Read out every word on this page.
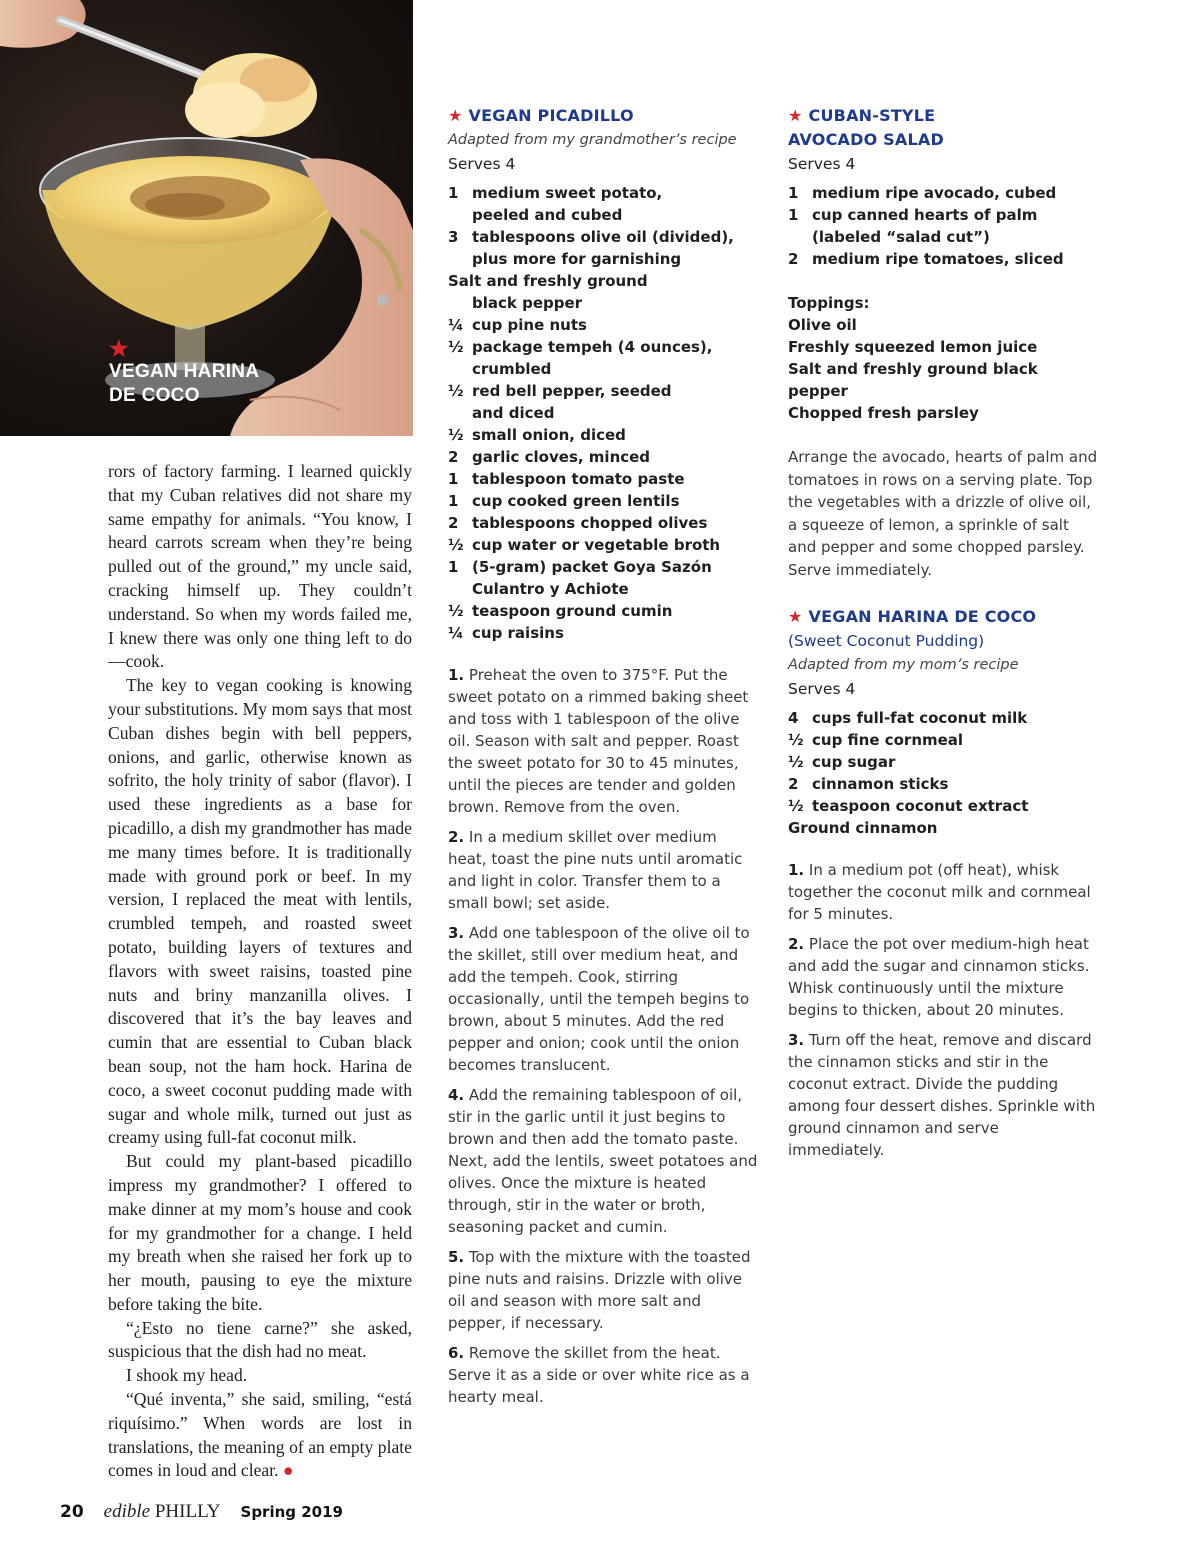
★
VEGAN HARINA
DE COCO

rors of factory farming. I learned quickly that my Cuban relatives did not share my same empathy for animals. “You know, I heard carrots scream when they’re being pulled out of the ground,” my uncle said, cracking himself up. They couldn’t understand. So when my words failed me, I knew there was only one thing left to do—cook.

The key to vegan cooking is knowing your substitutions. My mom says that most Cuban dishes begin with bell peppers, onions, and garlic, otherwise known as sofrito, the holy trinity of sabor (flavor). I used these ingredients as a base for picadillo, a dish my grandmother has made me many times before. It is traditionally made with ground pork or beef. In my version, I replaced the meat with lentils, crumbled tempeh, and roasted sweet potato, building layers of textures and flavors with sweet raisins, toasted pine nuts and briny manzanilla olives. I discovered that it’s the bay leaves and cumin that are essential to Cuban black bean soup, not the ham hock. Harina de coco, a sweet coconut pudding made with sugar and whole milk, turned out just as creamy using full-fat coconut milk.

But could my plant-based picadillo impress my grandmother? I offered to make dinner at my mom’s house and cook for my grandmother for a change. I held my breath when she raised her fork up to her mouth, pausing to eye the mixture before taking the bite.

“¿Esto no tiene carne?” she asked, suspicious that the dish had no meat.

I shook my head.

“Qué inventa,” she said, smiling, “está riquísimo.” When words are lost in translations, the meaning of an empty plate comes in loud and clear. ●

★ VEGAN PICADILLO
Adapted from my grandmother’s recipe
Serves 4
1 medium sweet potato,
peeled and cubed
3 tablespoons olive oil (divided),
plus more for garnishing
Salt and freshly ground
black pepper
¼ cup pine nuts
½ package tempeh (4 ounces),
crumbled
½ red bell pepper, seeded
and diced
½ small onion, diced
2 garlic cloves, minced
1 tablespoon tomato paste
1 cup cooked green lentils
2 tablespoons chopped olives
½ cup water or vegetable broth
1 (5-gram) packet Goya Sazón
Culantro y Achiote
½ teaspoon ground cumin
¼ cup raisins

1. Preheat the oven to 375°F. Put the sweet potato on a rimmed baking sheet and toss with 1 tablespoon of the olive oil. Season with salt and pepper. Roast the sweet potato for 30 to 45 minutes, until the pieces are tender and golden brown. Remove from the oven.

2. In a medium skillet over medium heat, toast the pine nuts until aromatic and light in color. Transfer them to a small bowl; set aside.

3. Add one tablespoon of the olive oil to the skillet, still over medium heat, and add the tempeh. Cook, stirring occasionally, until the tempeh begins to brown, about 5 minutes. Add the red pepper and onion; cook until the onion becomes translucent.

4. Add the remaining tablespoon of oil, stir in the garlic until it just begins to brown and then add the tomato paste. Next, add the lentils, sweet potatoes and olives. Once the mixture is heated through, stir in the water or broth, seasoning packet and cumin.

5. Top with the mixture with the toasted pine nuts and raisins. Drizzle with olive oil and season with more salt and pepper, if necessary.

6. Remove the skillet from the heat. Serve it as a side or over white rice as a hearty meal.

★ CUBAN-STYLE
AVOCADO SALAD
Serves 4
1 medium ripe avocado, cubed
1 cup canned hearts of palm
(labeled “salad cut”)
2 medium ripe tomatoes, sliced
Toppings:
Olive oil
Freshly squeezed lemon juice
Salt and freshly ground black pepper
Chopped fresh parsley

Arrange the avocado, hearts of palm and tomatoes in rows on a serving plate. Top the vegetables with a drizzle of olive oil, a squeeze of lemon, a sprinkle of salt and pepper and some chopped parsley. Serve immediately.

★ VEGAN HARINA DE COCO
(Sweet Coconut Pudding)
Adapted from my mom’s recipe
Serves 4
4 cups full-fat coconut milk
½ cup fine cornmeal
½ cup sugar
2 cinnamon sticks
½ teaspoon coconut extract
Ground cinnamon

1. In a medium pot (off heat), whisk together the coconut milk and cornmeal for 5 minutes.

2. Place the pot over medium-high heat and add the sugar and cinnamon sticks. Whisk continuously until the mixture begins to thicken, about 20 minutes.

3. Turn off the heat, remove and discard the cinnamon sticks and stir in the coconut extract. Divide the pudding among four dessert dishes. Sprinkle with ground cinnamon and serve immediately.

20 edible PHILLY Spring 2019
